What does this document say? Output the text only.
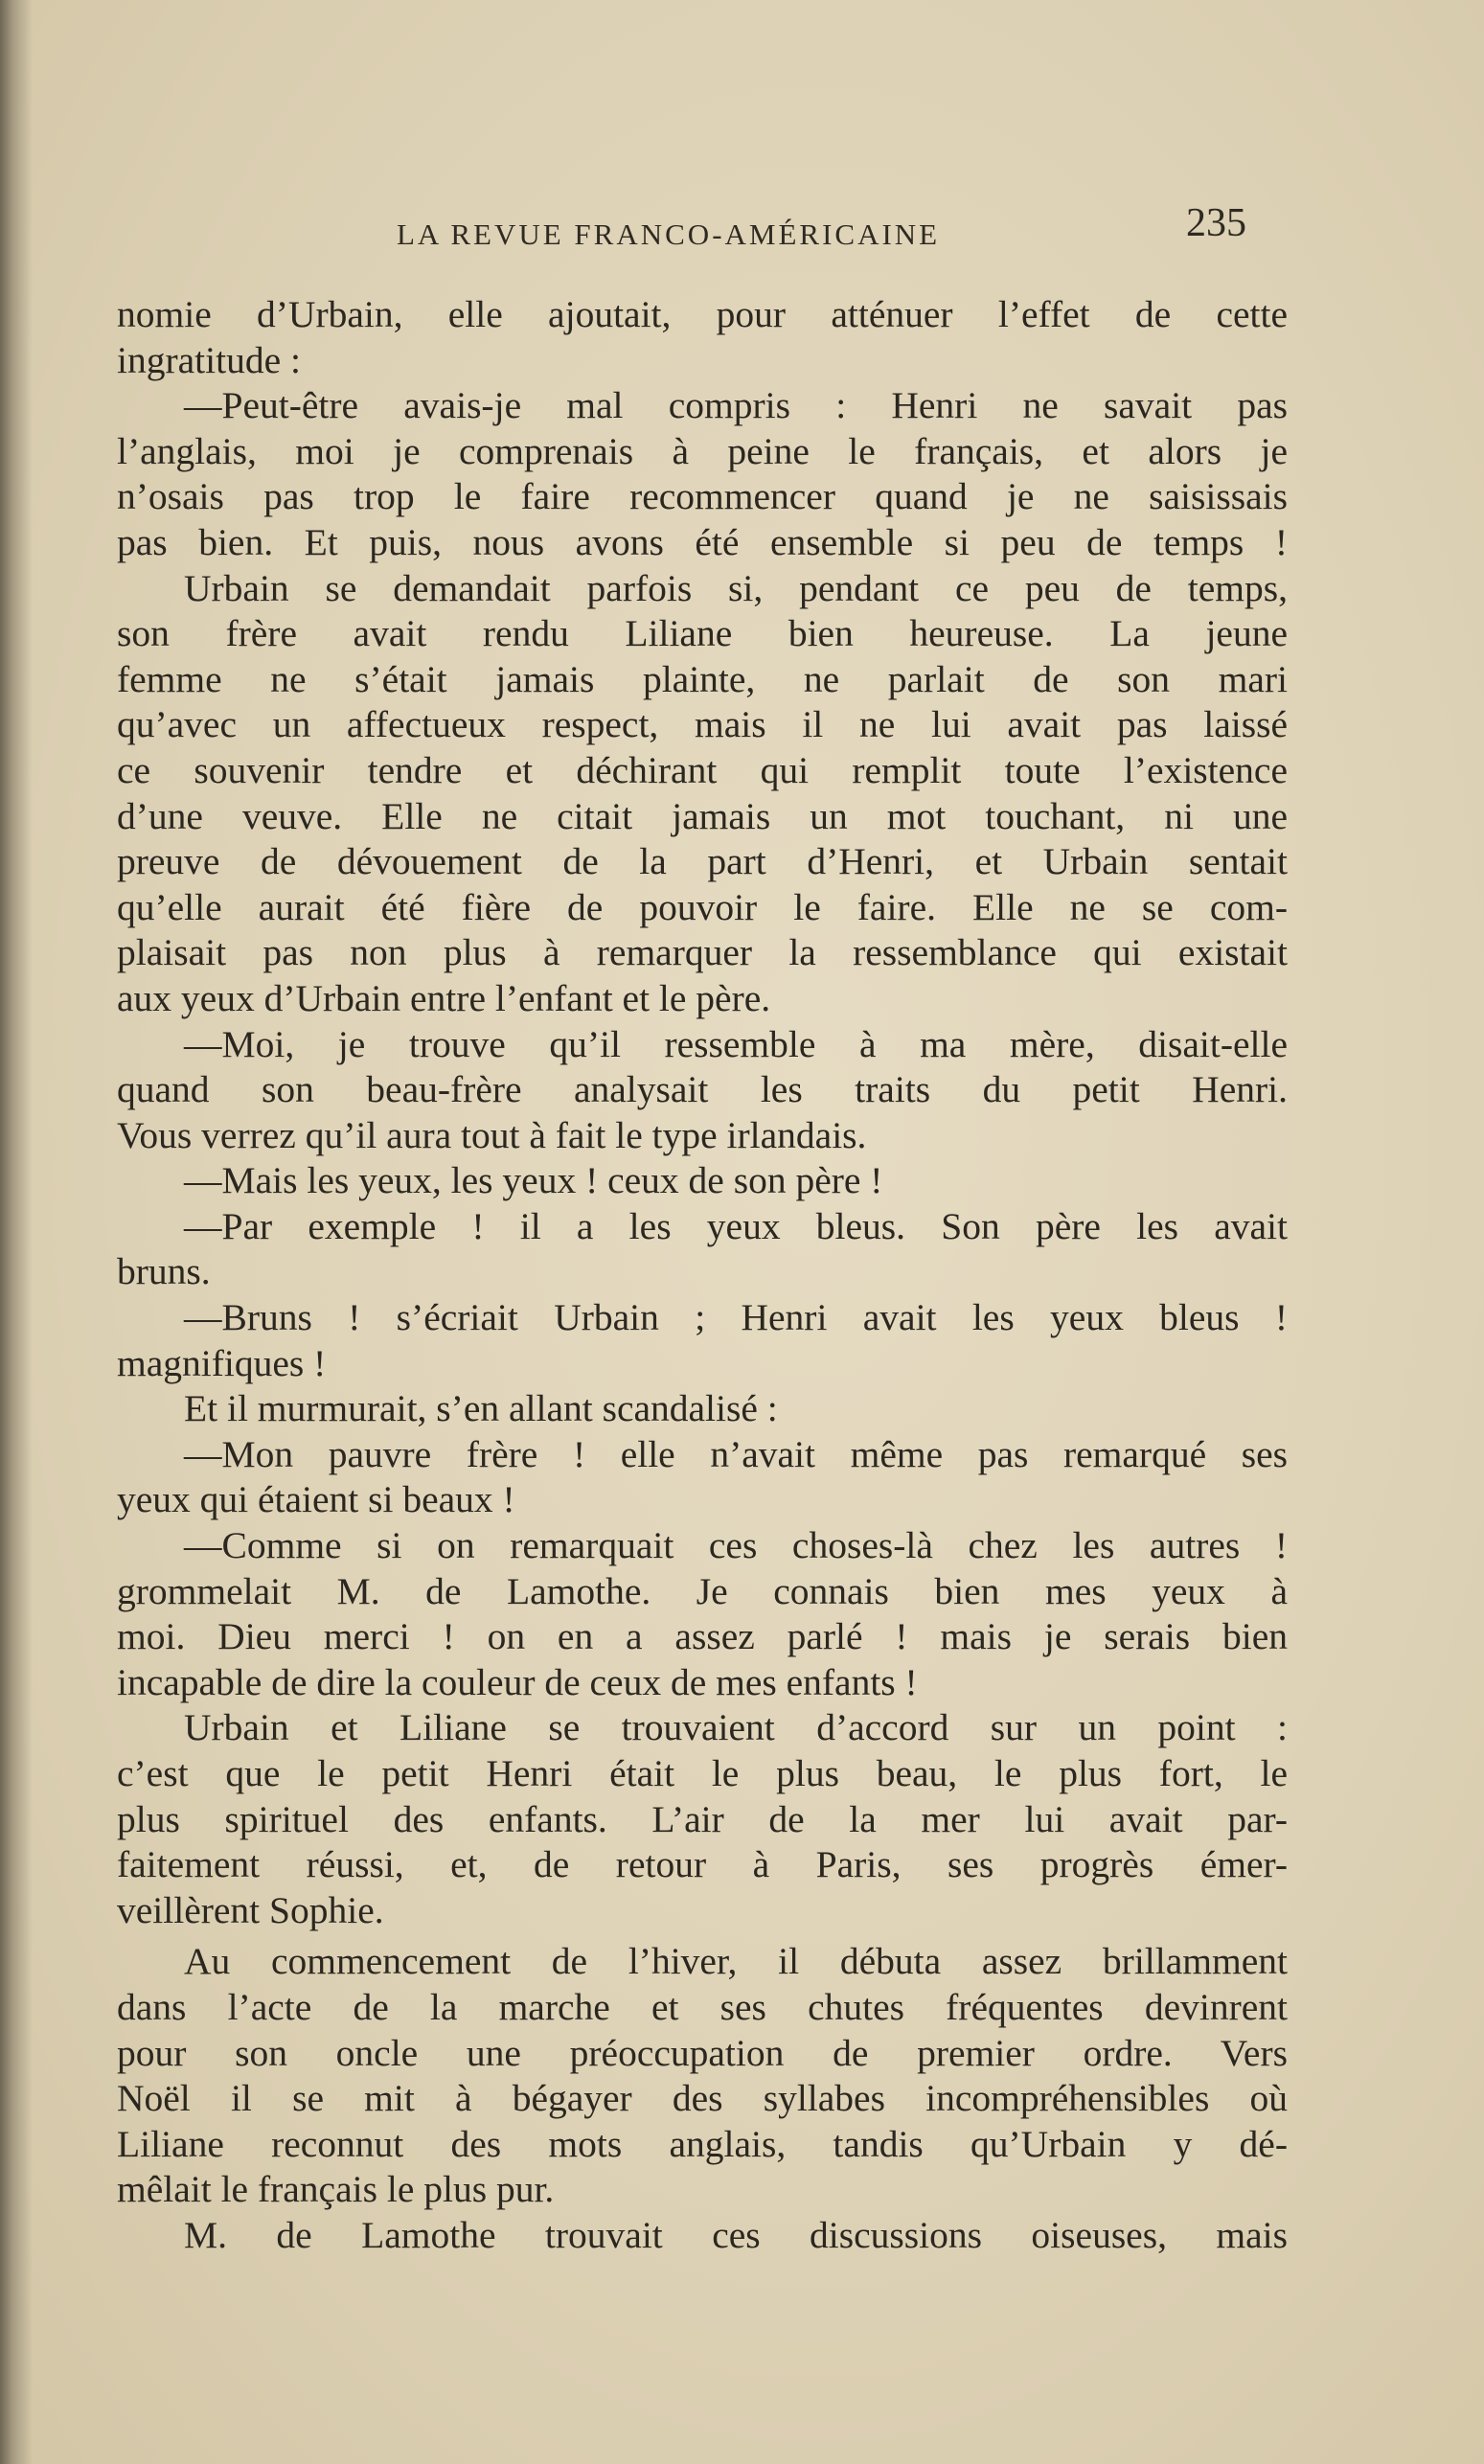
LA REVUE FRANCO-AMÉRICAINE	235
nomie d’Urbain, elle ajoutait, pour atténuer l’effet de cette
ingratitude :
—Peut-être avais-je mal compris : Henri ne savait pas
l’anglais, moi je comprenais à peine le français, et alors je
n’osais pas trop le faire recommencer quand je ne saisissais
pas bien. Et puis, nous avons été ensemble si peu de temps !
Urbain se demandait parfois si, pendant ce peu de temps,
son frère avait rendu Liliane bien heureuse. La jeune
femme ne s’était jamais plainte, ne parlait de son mari
qu’avec un affectueux respect, mais il ne lui avait pas laissé
ce souvenir tendre et déchirant qui remplit toute l’existence
d’une veuve. Elle ne citait jamais un mot touchant, ni une
preuve de dévouement de la part d’Henri, et Urbain sentait
qu’elle aurait été fière de pouvoir le faire. Elle ne se com-
plaisait pas non plus à remarquer la ressemblance qui existait
aux yeux d’Urbain entre l’enfant et le père.
—Moi, je trouve qu’il ressemble à ma mère, disait-elle
quand son beau-frère analysait les traits du petit Henri.
Vous verrez qu’il aura tout à fait le type irlandais.
—Mais les yeux, les yeux ! ceux de son père !
—Par exemple ! il a les yeux bleus. Son père les avait
bruns.
—Bruns ! s’écriait Urbain ; Henri avait les yeux bleus !
magnifiques !
Et il murmurait, s’en allant scandalisé :
—Mon pauvre frère ! elle n’avait même pas remarqué ses
yeux qui étaient si beaux !
—Comme si on remarquait ces choses-là chez les autres !
grommelait M. de Lamothe. Je connais bien mes yeux à
moi. Dieu merci ! on en a assez parlé ! mais je serais bien
incapable de dire la couleur de ceux de mes enfants !
Urbain et Liliane se trouvaient d’accord sur un point :
c’est que le petit Henri était le plus beau, le plus fort, le
plus spirituel des enfants. L’air de la mer lui avait par-
faitement réussi, et, de retour à Paris, ses progrès émer-
veillèrent Sophie.
Au commencement de l’hiver, il débuta assez brillamment
dans l’acte de la marche et ses chutes fréquentes devinrent
pour son oncle une préoccupation de premier ordre. Vers
Noël il se mit à bégayer des syllabes incompréhensibles où
Liliane reconnut des mots anglais, tandis qu’Urbain y dé-
mêlait le français le plus pur.
M. de Lamothe trouvait ces discussions oiseuses, mais
